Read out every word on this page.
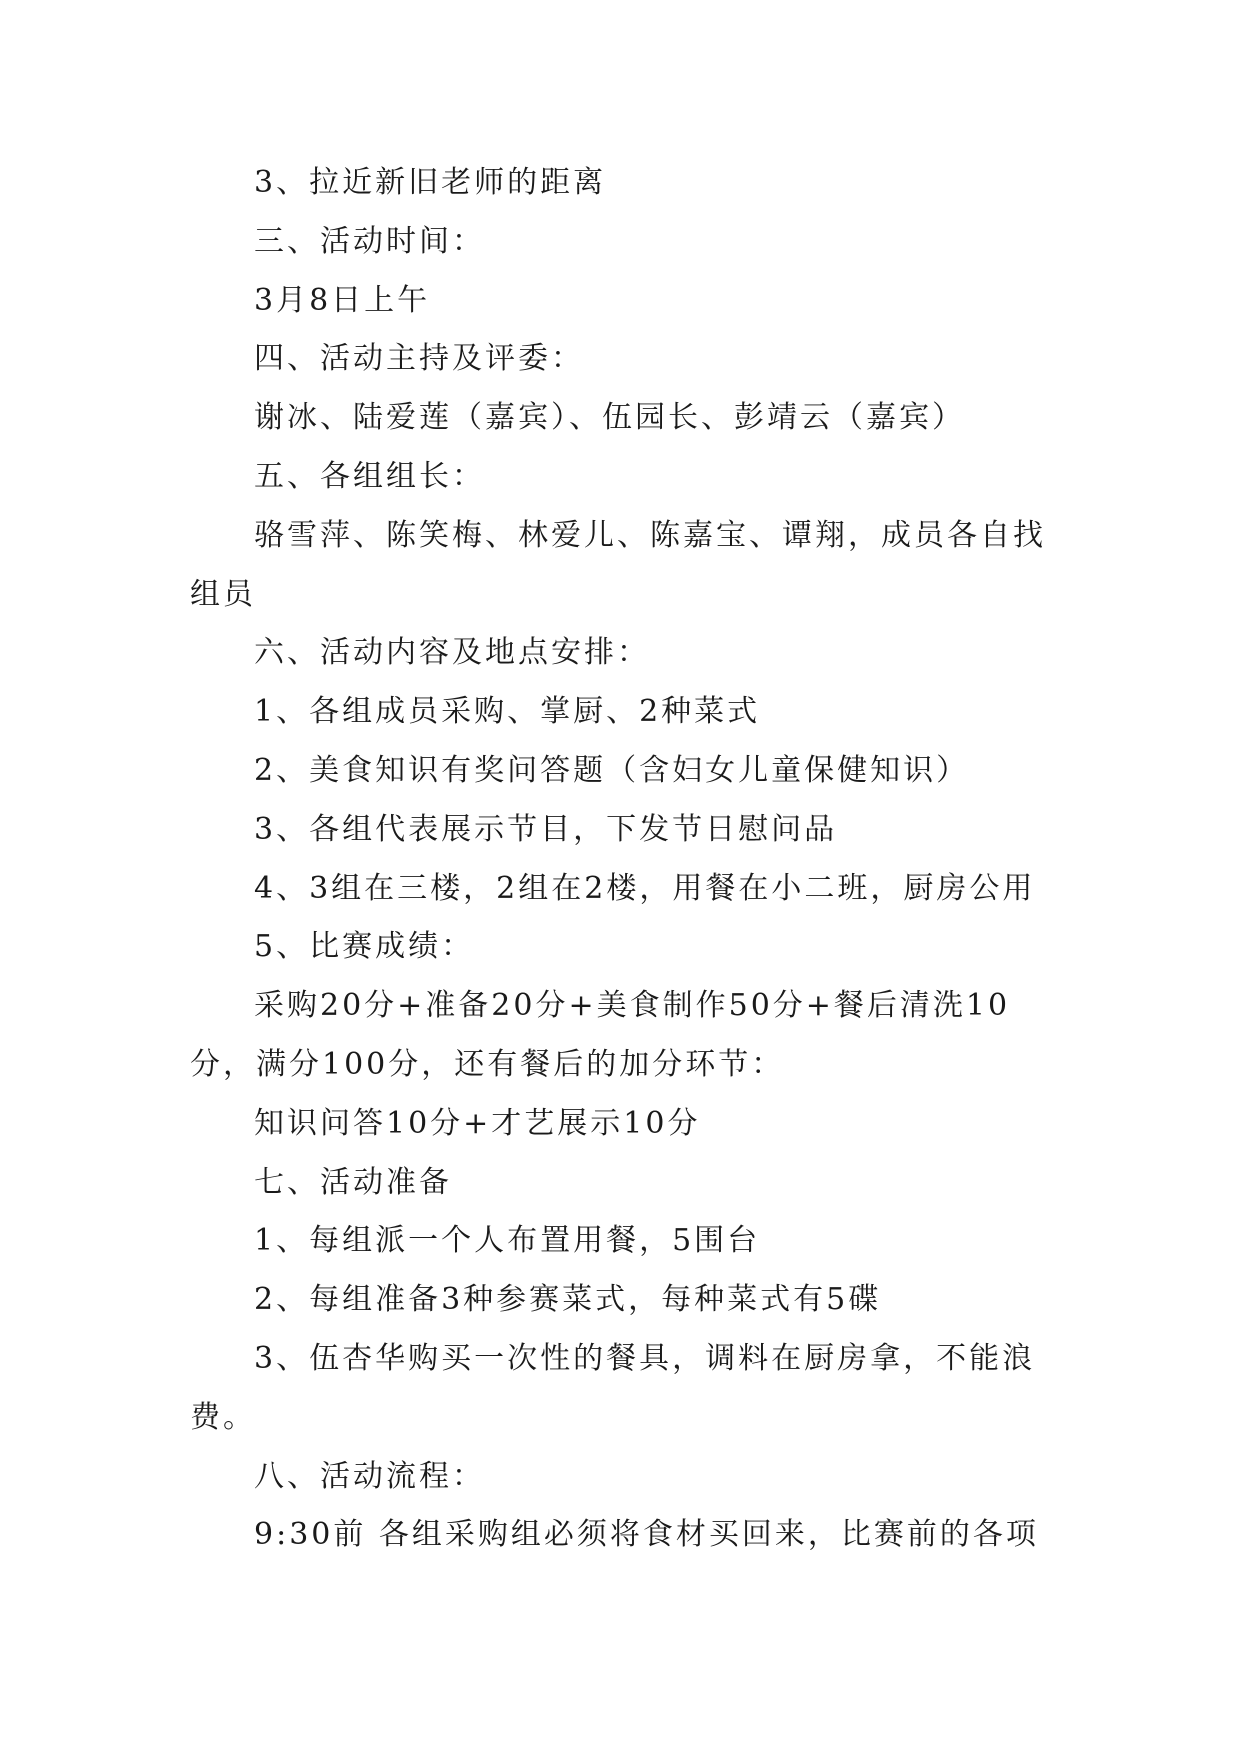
3、拉近新旧老师的距离

三、活动时间：

3月8日上午

四、活动主持及评委：

谢冰、陆爱莲（嘉宾）、伍园长、彭靖云（嘉宾）

五、各组组长：

骆雪萍、陈笑梅、林爱儿、陈嘉宝、谭翔，成员各自找组员

六、活动内容及地点安排：

1、各组成员采购、掌厨、2种菜式

2、美食知识有奖问答题（含妇女儿童保健知识）

3、各组代表展示节目，下发节日慰问品

4、3组在三楼，2组在2楼，用餐在小二班，厨房公用

5、比赛成绩：

采购20分+准备20分+美食制作50分+餐后清洗10分，满分100分，还有餐后的加分环节：

知识问答10分+才艺展示10分

七、活动准备

1、每组派一个人布置用餐，5围台

2、每组准备3种参赛菜式，每种菜式有5碟

3、伍杏华购买一次性的餐具，调料在厨房拿，不能浪费。

八、活动流程：

9:30前 各组采购组必须将食材买回来，比赛前的各项
